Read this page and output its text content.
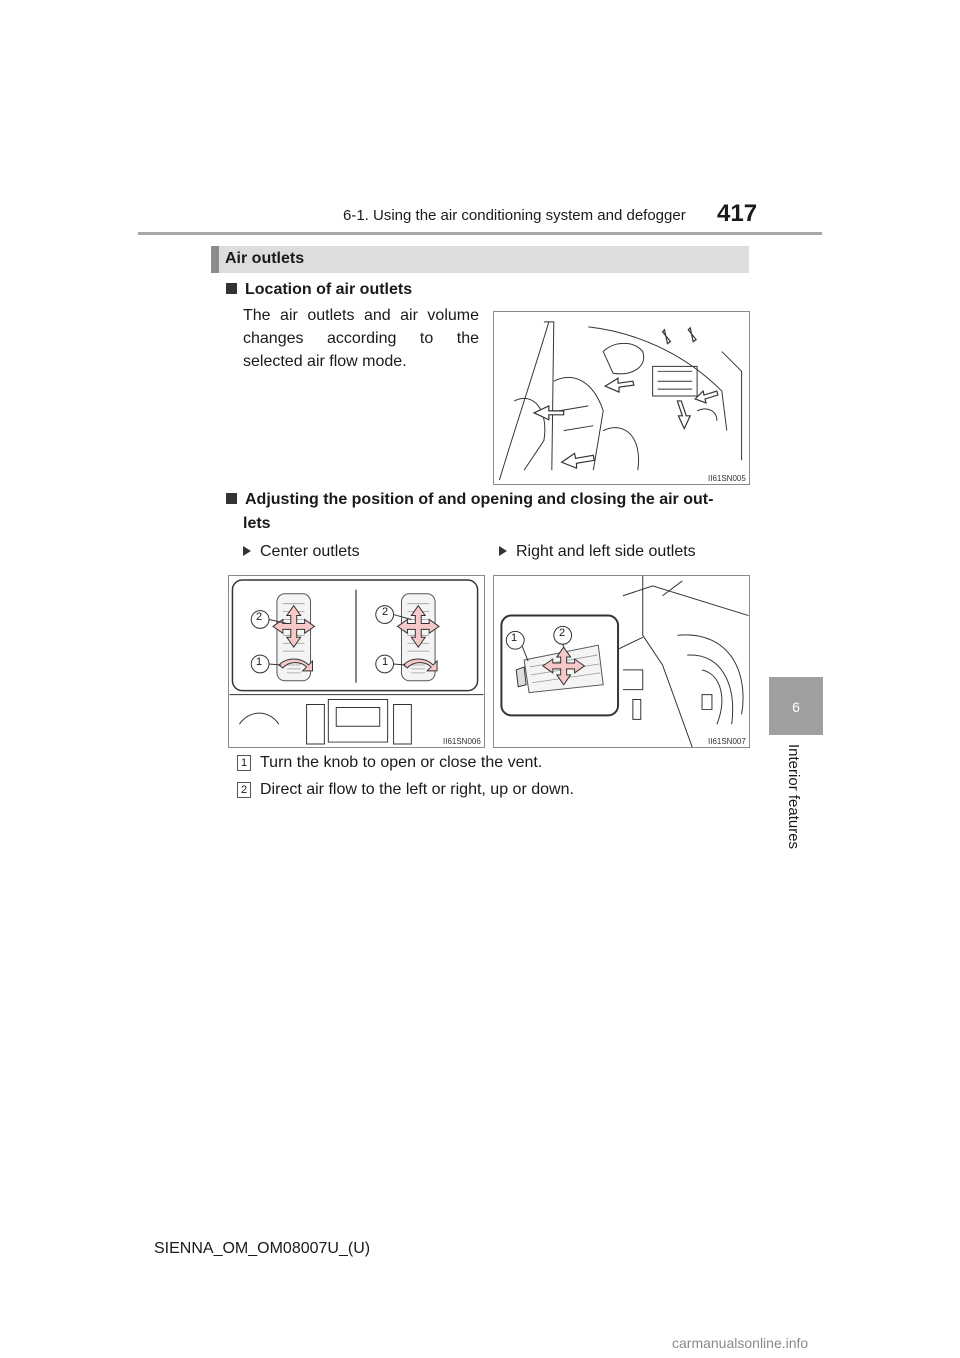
6-1. Using the air conditioning system and defogger 417
6
Interior features
Air outlets
Location of air outlets
The air outlets and air volume changes according to the selected air flow mode.
II61SN005
Adjusting the position of and opening and closing the air out-
lets
Center outlets	Right and left side outlets
2
1
2
1
II61SN006
1	2
II61SN007
1 Turn the knob to open or close the vent.
2 Direct air flow to the left or right, up or down.
SIENNA_OM_OM08007U_(U)
carmanualsonline.info
